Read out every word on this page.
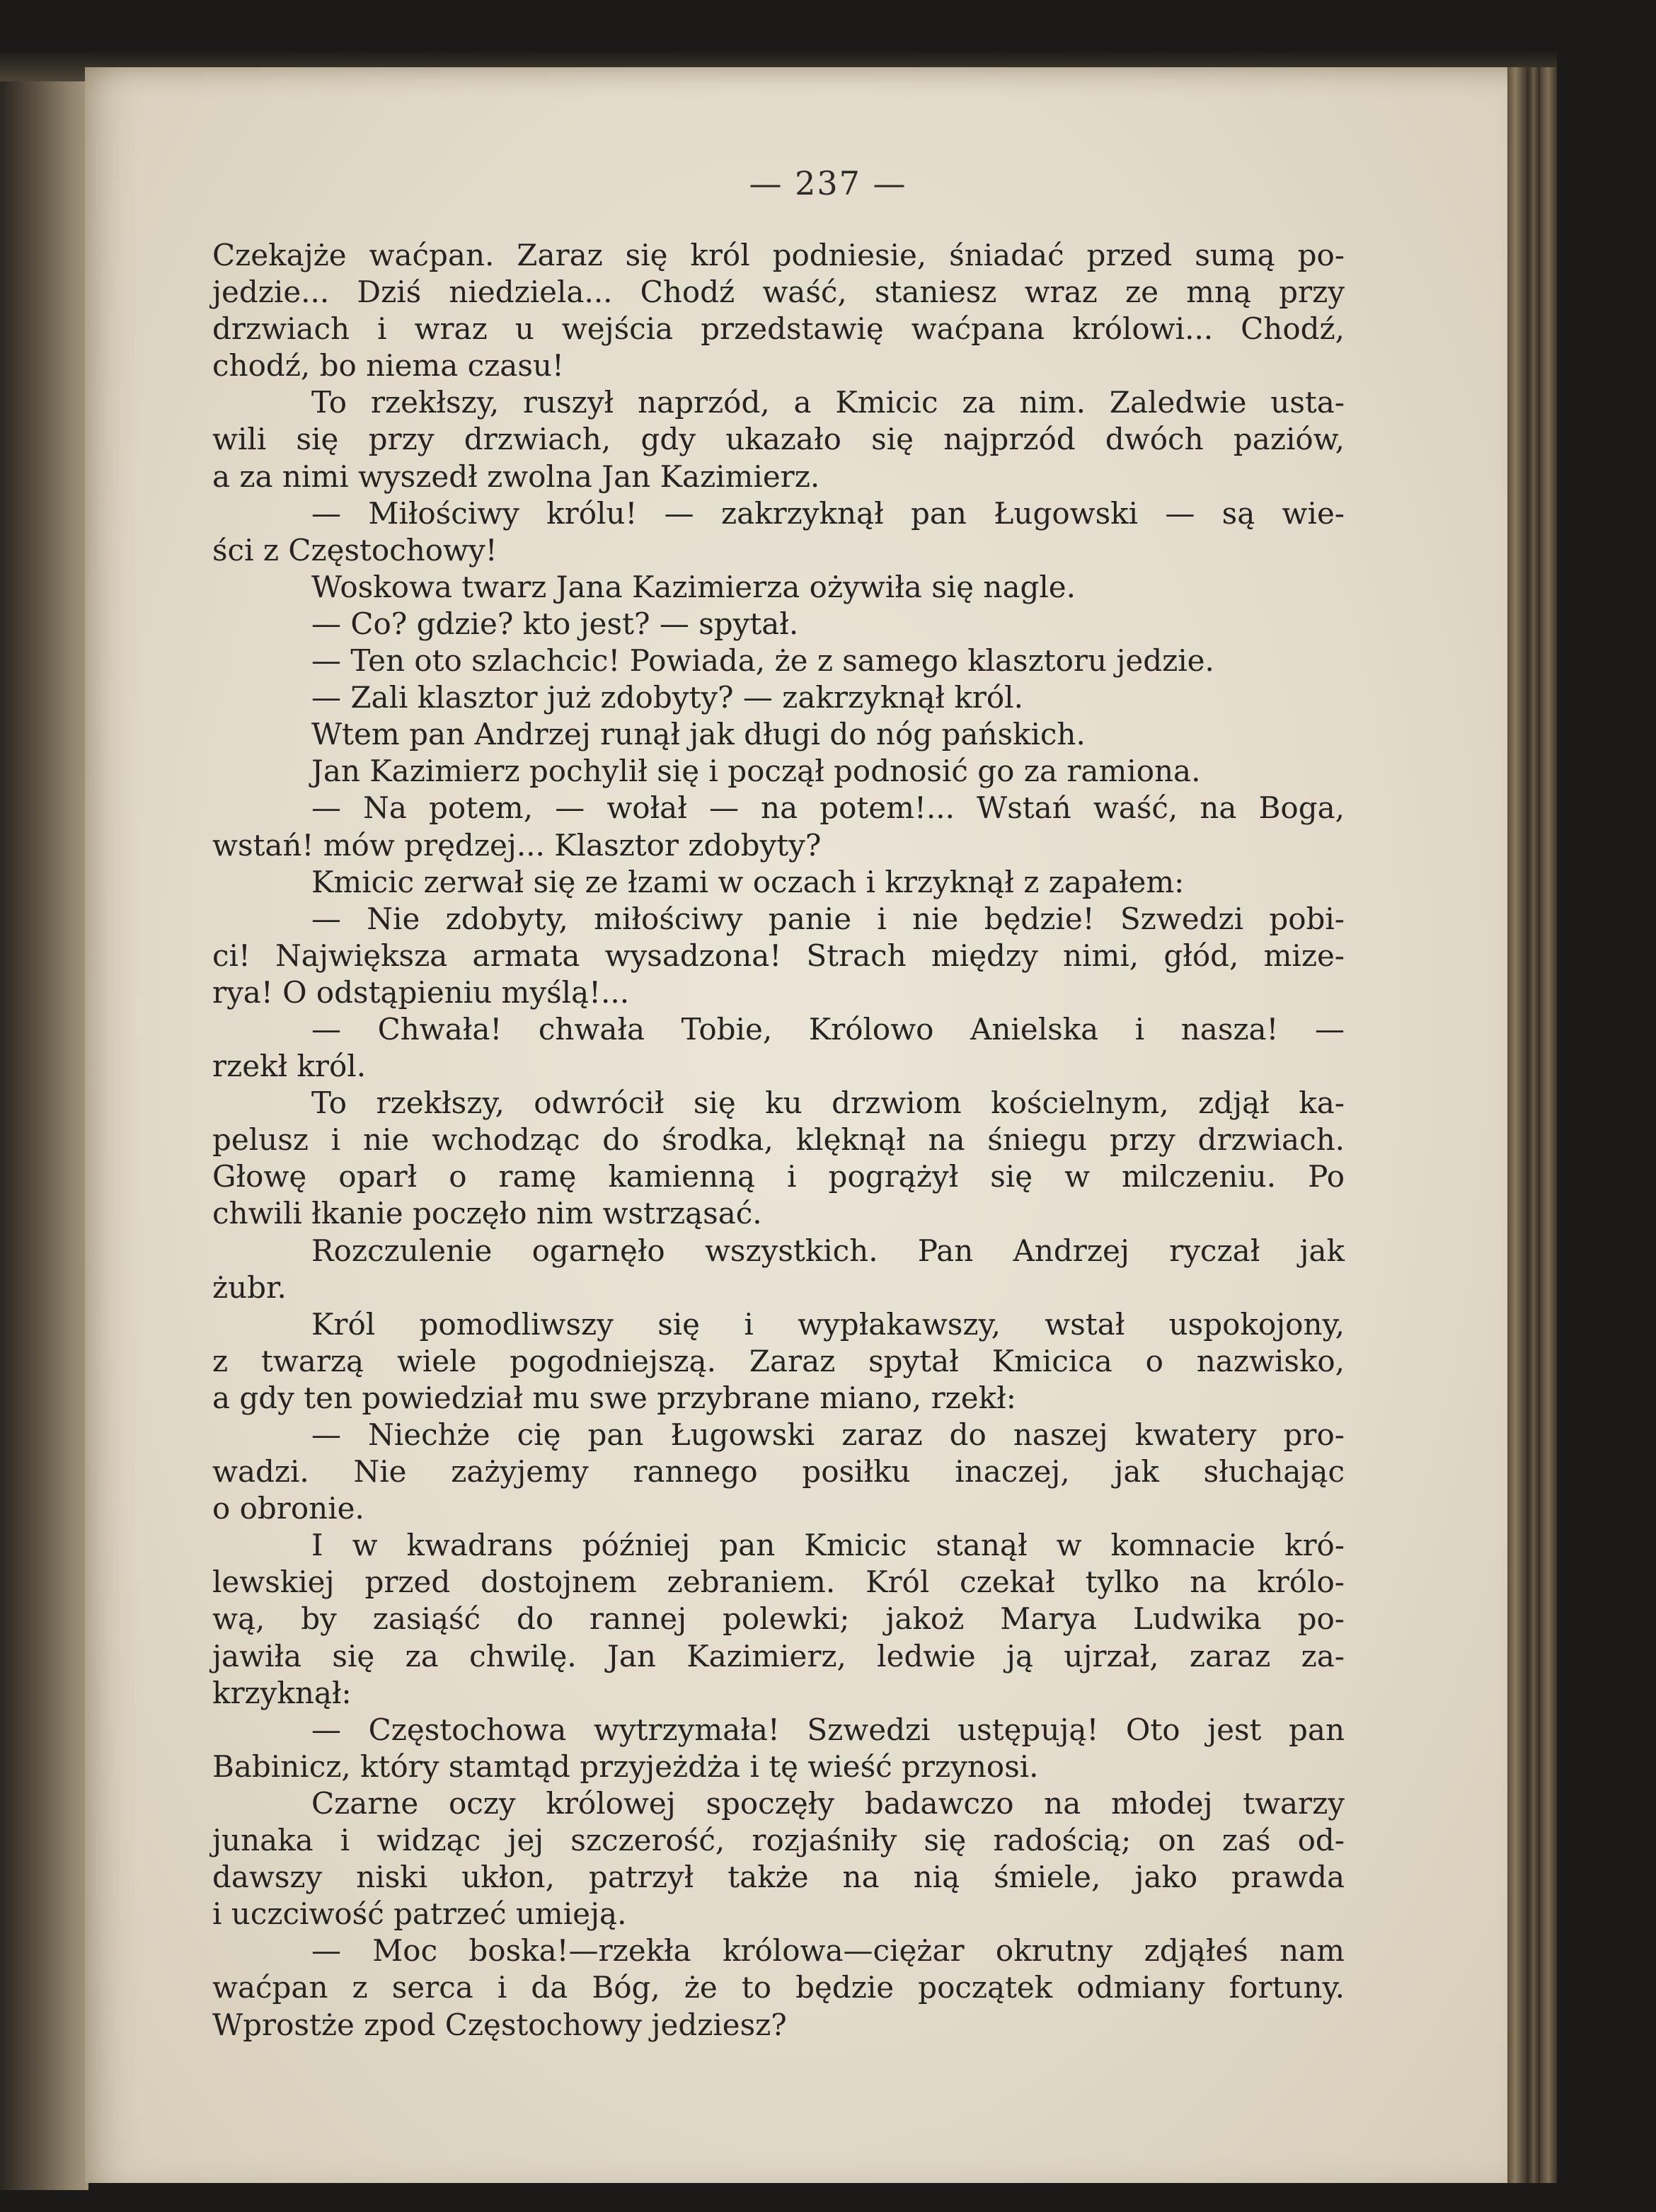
— 237 —
Czekajże waćpan. Zaraz się król podniesie, śniadać przed sumą po-
jedzie... Dziś niedziela... Chodź waść, staniesz wraz ze mną przy
drzwiach i wraz u wejścia przedstawię waćpana królowi... Chodź,
chodź, bo niema czasu!
To rzekłszy, ruszył naprzód, a Kmicic za nim. Zaledwie usta-
wili się przy drzwiach, gdy ukazało się najprzód dwóch paziów,
a za nimi wyszedł zwolna Jan Kazimierz.
— Miłościwy królu! — zakrzyknął pan Ługowski — są wie-
ści z Częstochowy!
Woskowa twarz Jana Kazimierza ożywiła się nagle.
— Co? gdzie? kto jest? — spytał.
— Ten oto szlachcic! Powiada, że z samego klasztoru jedzie.
— Zali klasztor już zdobyty? — zakrzyknął król.
Wtem pan Andrzej runął jak długi do nóg pańskich.
Jan Kazimierz pochylił się i począł podnosić go za ramiona.
— Na potem, — wołał — na potem!... Wstań waść, na Boga,
wstań! mów prędzej... Klasztor zdobyty?
Kmicic zerwał się ze łzami w oczach i krzyknął z zapałem:
— Nie zdobyty, miłościwy panie i nie będzie! Szwedzi pobi-
ci! Największa armata wysadzona! Strach między nimi, głód, mize-
rya! O odstąpieniu myślą!...
— Chwała! chwała Tobie, Królowo Anielska i nasza! —
rzekł król.
To rzekłszy, odwrócił się ku drzwiom kościelnym, zdjął ka-
pelusz i nie wchodząc do środka, klęknął na śniegu przy drzwiach.
Głowę oparł o ramę kamienną i pogrążył się w milczeniu. Po
chwili łkanie poczęło nim wstrząsać.
Rozczulenie ogarnęło wszystkich. Pan Andrzej ryczał jak
żubr.
Król pomodliwszy się i wypłakawszy, wstał uspokojony,
z twarzą wiele pogodniejszą. Zaraz spytał Kmicica o nazwisko,
a gdy ten powiedział mu swe przybrane miano, rzekł:
— Niechże cię pan Ługowski zaraz do naszej kwatery pro-
wadzi. Nie zażyjemy rannego posiłku inaczej, jak słuchając
o obronie.
I w kwadrans później pan Kmicic stanął w komnacie kró-
lewskiej przed dostojnem zebraniem. Król czekał tylko na królo-
wą, by zasiąść do rannej polewki; jakoż Marya Ludwika po-
jawiła się za chwilę. Jan Kazimierz, ledwie ją ujrzał, zaraz za-
krzyknął:
— Częstochowa wytrzymała! Szwedzi ustępują! Oto jest pan
Babinicz, który stamtąd przyjeżdża i tę wieść przynosi.
Czarne oczy królowej spoczęły badawczo na młodej twarzy
junaka i widząc jej szczerość, rozjaśniły się radością; on zaś od-
dawszy niski ukłon, patrzył także na nią śmiele, jako prawda
i uczciwość patrzeć umieją.
— Moc boska!—rzekła królowa—ciężar okrutny zdjąłeś nam
waćpan z serca i da Bóg, że to będzie początek odmiany fortuny.
Wprostże zpod Częstochowy jedziesz?
